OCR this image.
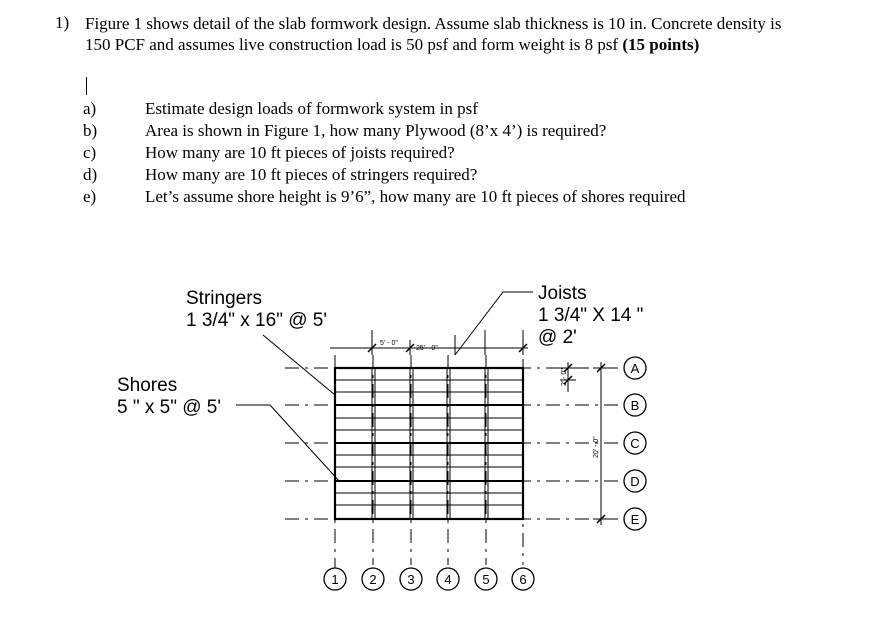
1) Figure 1 shows detail of the slab formwork design. Assume slab thickness is 10 in. Concrete density is 150 PCF and assumes live construction load is 50 psf and form weight is 8 psf (15 points)
a)	Estimate design loads of formwork system in psf
b)	Area is shown in Figure 1, how many Plywood (8’x 4’) is required?
c)	How many are 10 ft pieces of joists required?
d)	How many are 10 ft pieces of stringers required?
e)	Let’s assume shore height is 9’6”, how many are 10 ft pieces of shores required
1 2 3 4 5 6
A
B
C
D
E
5' - 0"
25' - 0"
2' - 0"
20' - 0"
Stringers
1 3/4" x 16" @ 5'
Shores
5 " x 5" @ 5'
Joists
1 3/4" X 14 "
@ 2'
